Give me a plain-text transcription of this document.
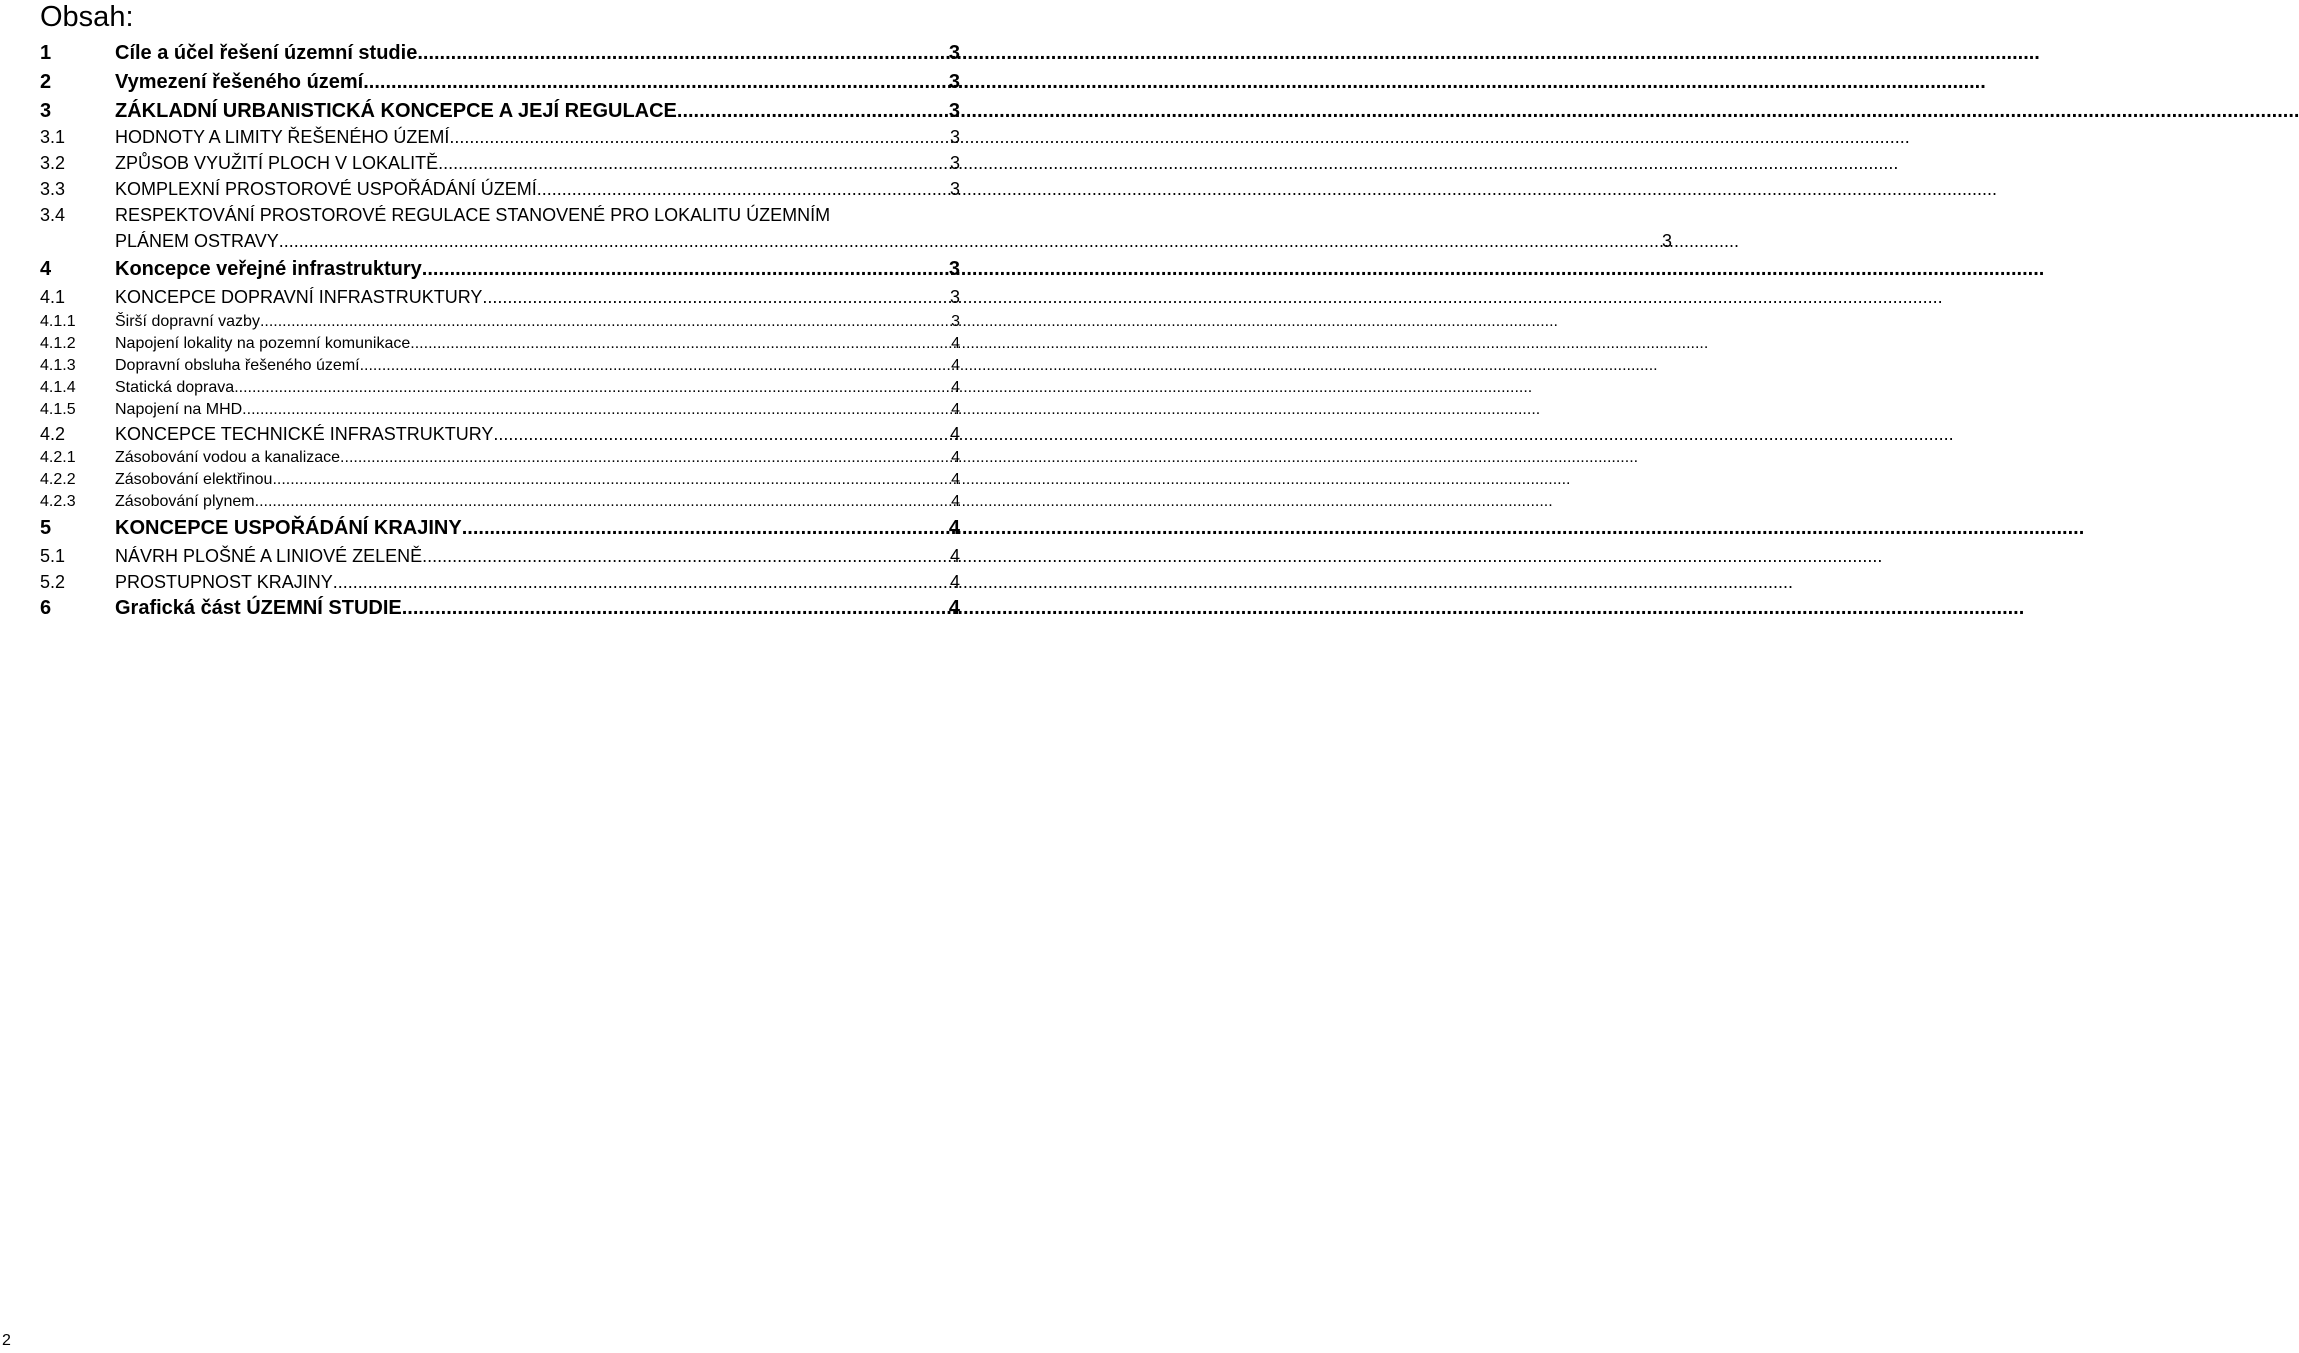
Obsah:
1	Cíle a účel řešení územní studie .....	3
2	Vymezení řešeného území .....	3
3	ZÁKLADNÍ URBANISTICKÁ KONCEPCE A JEJÍ REGULACE .....	3
3.1	HODNOTY A LIMITY ŘEŠENÉHO ÚZEMÍ .....	3
3.2	ZPŮSOB VYUŽITÍ PLOCH V LOKALITĚ .....	3
3.3	KOMPLEXNÍ PROSTOROVÉ USPOŘÁDÁNÍ ÚZEMÍ .....	3
3.4	RESPEKTOVÁNÍ PROSTOROVÉ REGULACE STANOVENÉ PRO LOKALITU ÚZEMNÍM
PLÁNEM OSTRAVY .....	3
4	Koncepce veřejné infrastruktury .....	3
4.1	KONCEPCE DOPRAVNÍ INFRASTRUKTURY .....	3
4.1.1	Širší dopravní vazby .....	3
4.1.2	Napojení lokality na pozemní komunikace .....	4
4.1.3	Dopravní obsluha řešeného území .....	4
4.1.4	Statická doprava .....	4
4.1.5	Napojení na MHD .....	4
4.2	KONCEPCE TECHNICKÉ INFRASTRUKTURY .....	4
4.2.1	Zásobování vodou a kanalizace .....	4
4.2.2	Zásobování elektřinou .....	4
4.2.3	Zásobování plynem .....	4
5	KONCEPCE USPOŘÁDÁNÍ KRAJINY .....	4
5.1	NÁVRH PLOŠNÉ A LINIOVÉ ZELENĚ .....	4
5.2	PROSTUPNOST KRAJINY .....	4
6	Grafická část ÚZEMNÍ STUDIE .....	4
2
